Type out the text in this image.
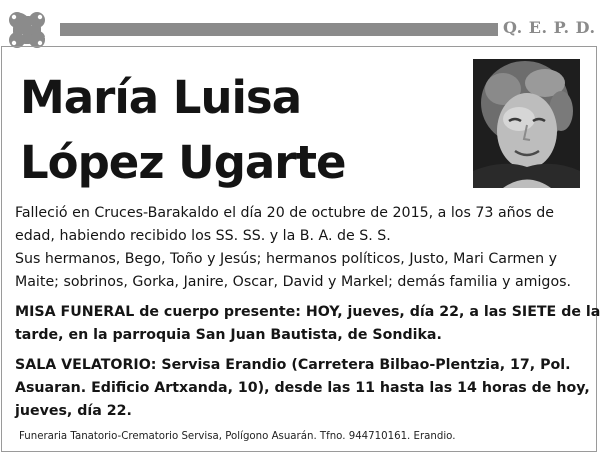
Q. E. P. D.
María Luisa
López Ugarte
Falleció en Cruces-Barakaldo el día 20 de octubre de 2015, a los 73 años de
edad, habiendo recibido los SS. SS. y la B. A. de S. S.
Sus hermanos, Bego, Toño y Jesús; hermanos políticos, Justo, Mari Carmen y
Maite; sobrinos, Gorka, Janire, Oscar, David y Markel; demás familia y amigos.
MISA FUNERAL de cuerpo presente: HOY, jueves, día 22, a las SIETE de la
tarde, en la parroquia San Juan Bautista, de Sondika.
SALA VELATORIO: Servisa Erandio (Carretera Bilbao-Plentzia, 17, Pol.
Asuaran. Edificio Artxanda, 10), desde las 11 hasta las 14 horas de hoy,
jueves, día 22.
Funeraria Tanatorio-Crematorio Servisa, Polígono Asuarán. Tfno. 944710161. Erandio.
